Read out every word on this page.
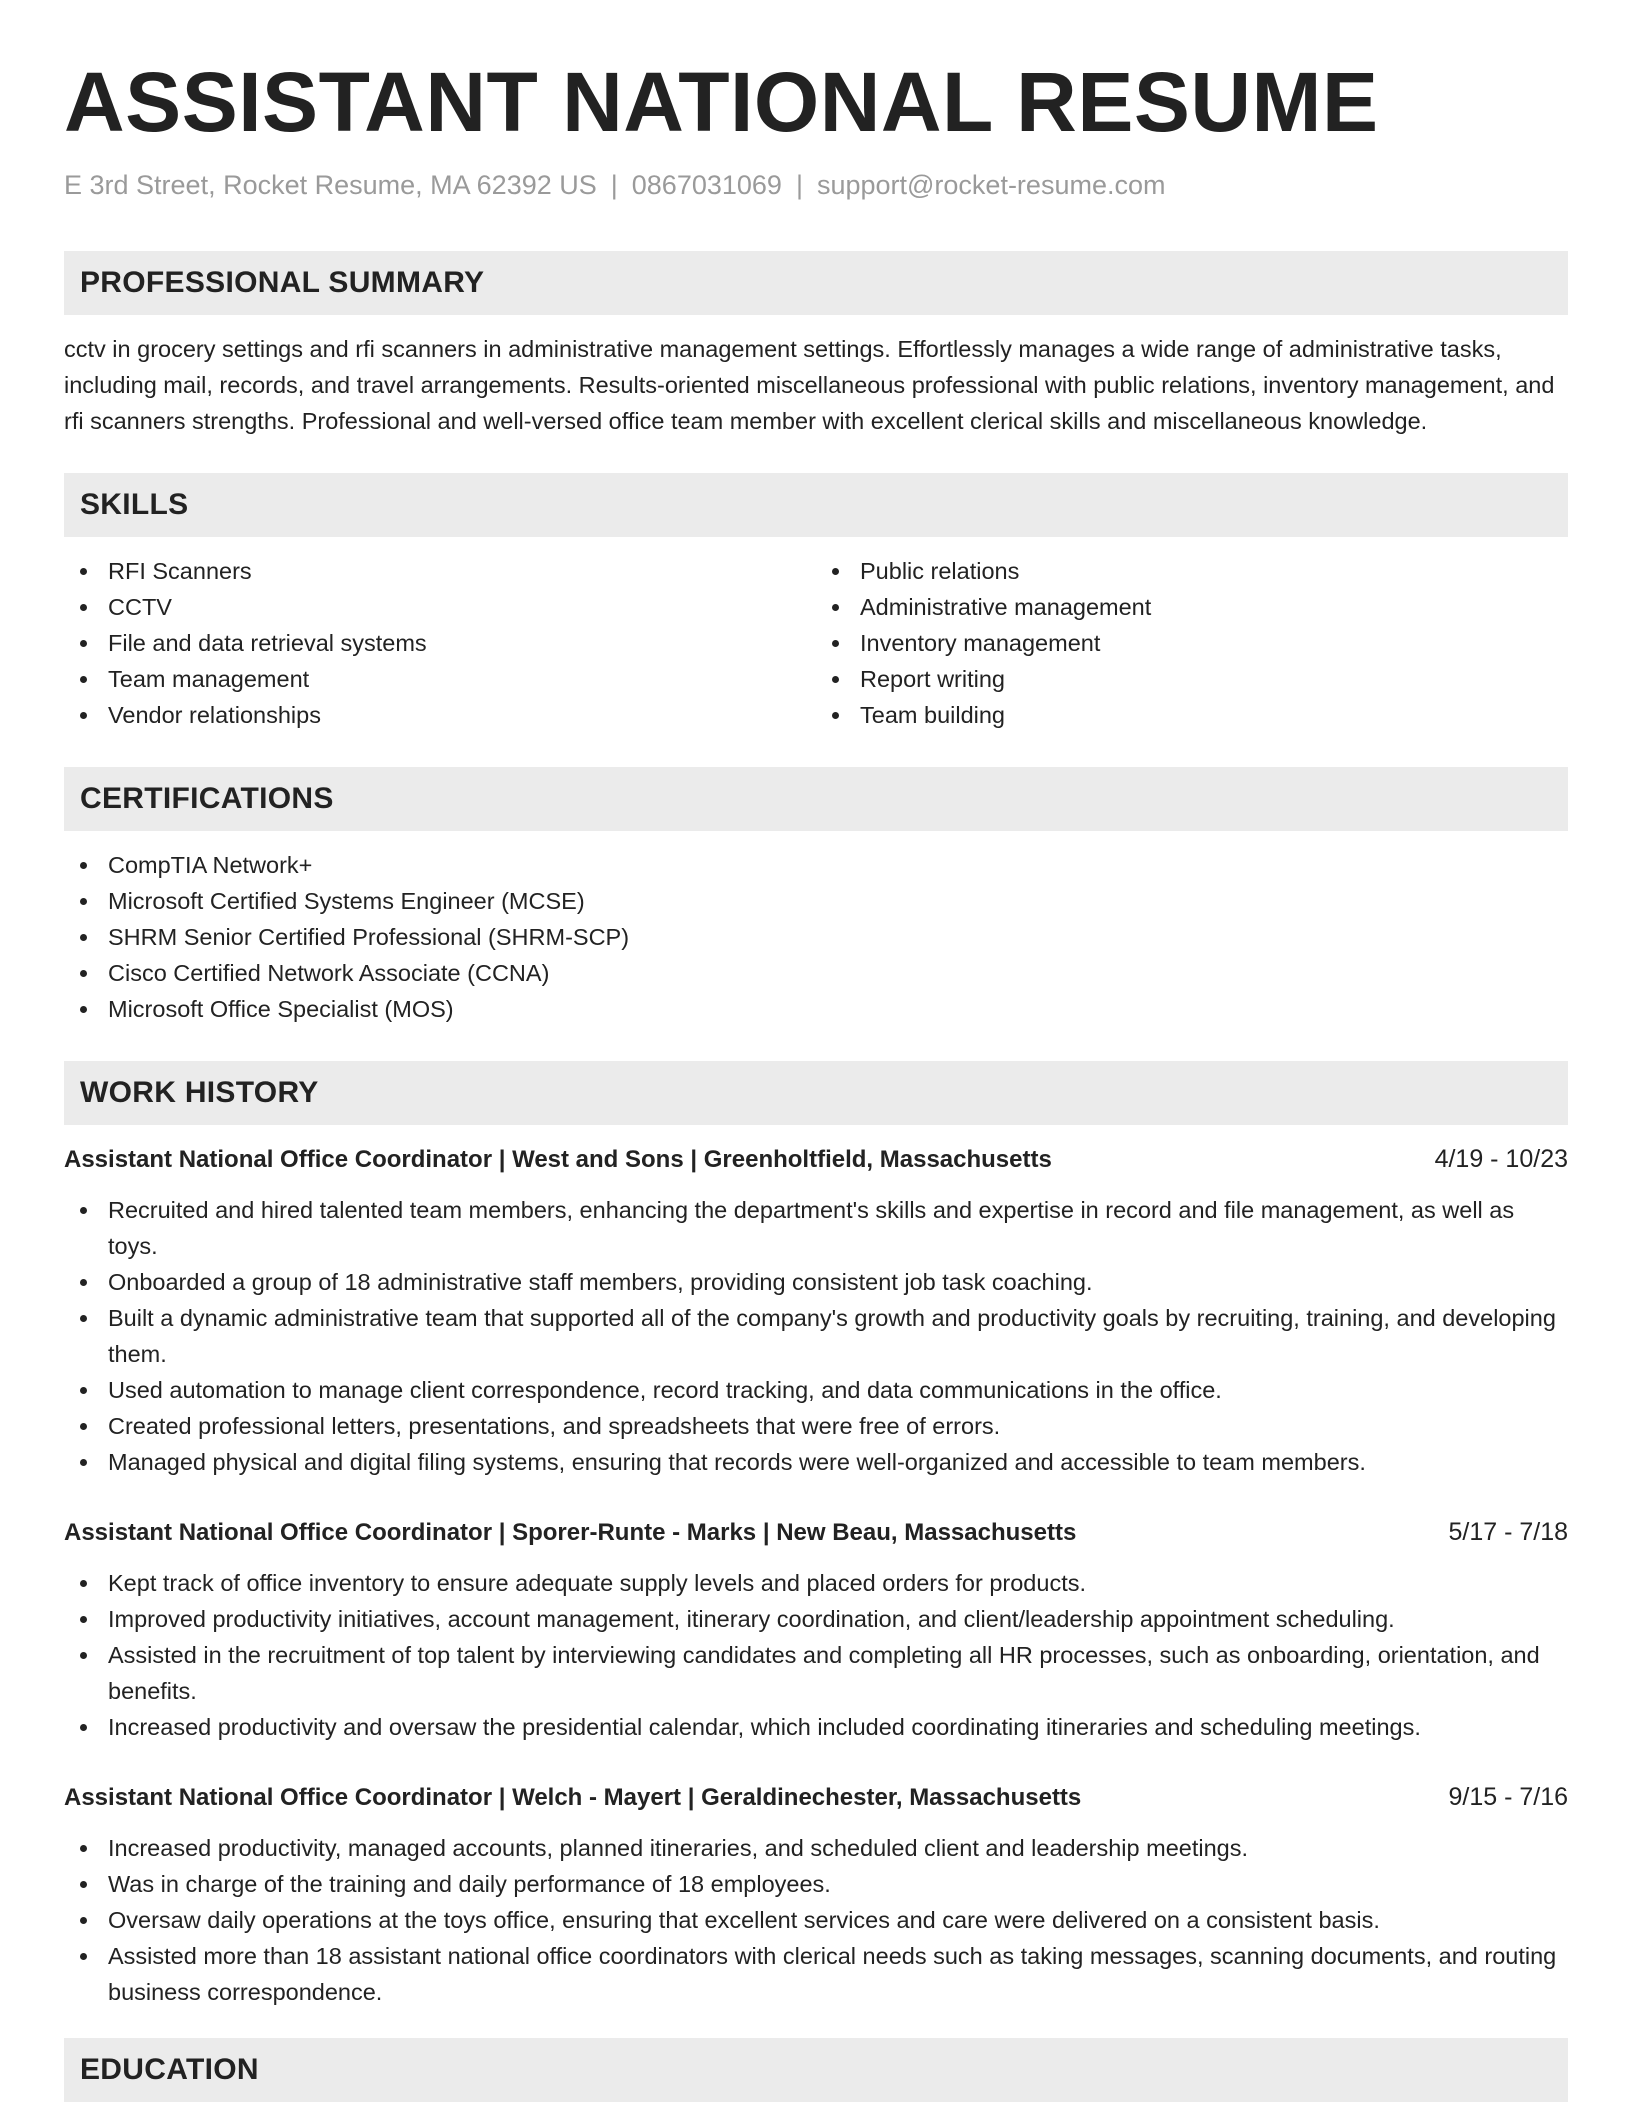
ASSISTANT NATIONAL RESUME
E 3rd Street, Rocket Resume, MA 62392 US | 0867031069 | support@rocket-resume.com
PROFESSIONAL SUMMARY
cctv in grocery settings and rfi scanners in administrative management settings. Effortlessly manages a wide range of administrative tasks, including mail, records, and travel arrangements. Results-oriented miscellaneous professional with public relations, inventory management, and rfi scanners strengths. Professional and well-versed office team member with excellent clerical skills and miscellaneous knowledge.
SKILLS
RFI Scanners
CCTV
File and data retrieval systems
Team management
Vendor relationships
Public relations
Administrative management
Inventory management
Report writing
Team building
CERTIFICATIONS
CompTIA Network+
Microsoft Certified Systems Engineer (MCSE)
SHRM Senior Certified Professional (SHRM-SCP)
Cisco Certified Network Associate (CCNA)
Microsoft Office Specialist (MOS)
WORK HISTORY
Assistant National Office Coordinator | West and Sons | Greenholtfield, Massachusetts	4/19 - 10/23
Recruited and hired talented team members, enhancing the department's skills and expertise in record and file management, as well as toys.
Onboarded a group of 18 administrative staff members, providing consistent job task coaching.
Built a dynamic administrative team that supported all of the company's growth and productivity goals by recruiting, training, and developing them.
Used automation to manage client correspondence, record tracking, and data communications in the office.
Created professional letters, presentations, and spreadsheets that were free of errors.
Managed physical and digital filing systems, ensuring that records were well-organized and accessible to team members.
Assistant National Office Coordinator | Sporer-Runte - Marks | New Beau, Massachusetts	5/17 - 7/18
Kept track of office inventory to ensure adequate supply levels and placed orders for products.
Improved productivity initiatives, account management, itinerary coordination, and client/leadership appointment scheduling.
Assisted in the recruitment of top talent by interviewing candidates and completing all HR processes, such as onboarding, orientation, and benefits.
Increased productivity and oversaw the presidential calendar, which included coordinating itineraries and scheduling meetings.
Assistant National Office Coordinator | Welch - Mayert | Geraldinechester, Massachusetts	9/15 - 7/16
Increased productivity, managed accounts, planned itineraries, and scheduled client and leadership meetings.
Was in charge of the training and daily performance of 18 employees.
Oversaw daily operations at the toys office, ensuring that excellent services and care were delivered on a consistent basis.
Assisted more than 18 assistant national office coordinators with clerical needs such as taking messages, scanning documents, and routing business correspondence.
EDUCATION
